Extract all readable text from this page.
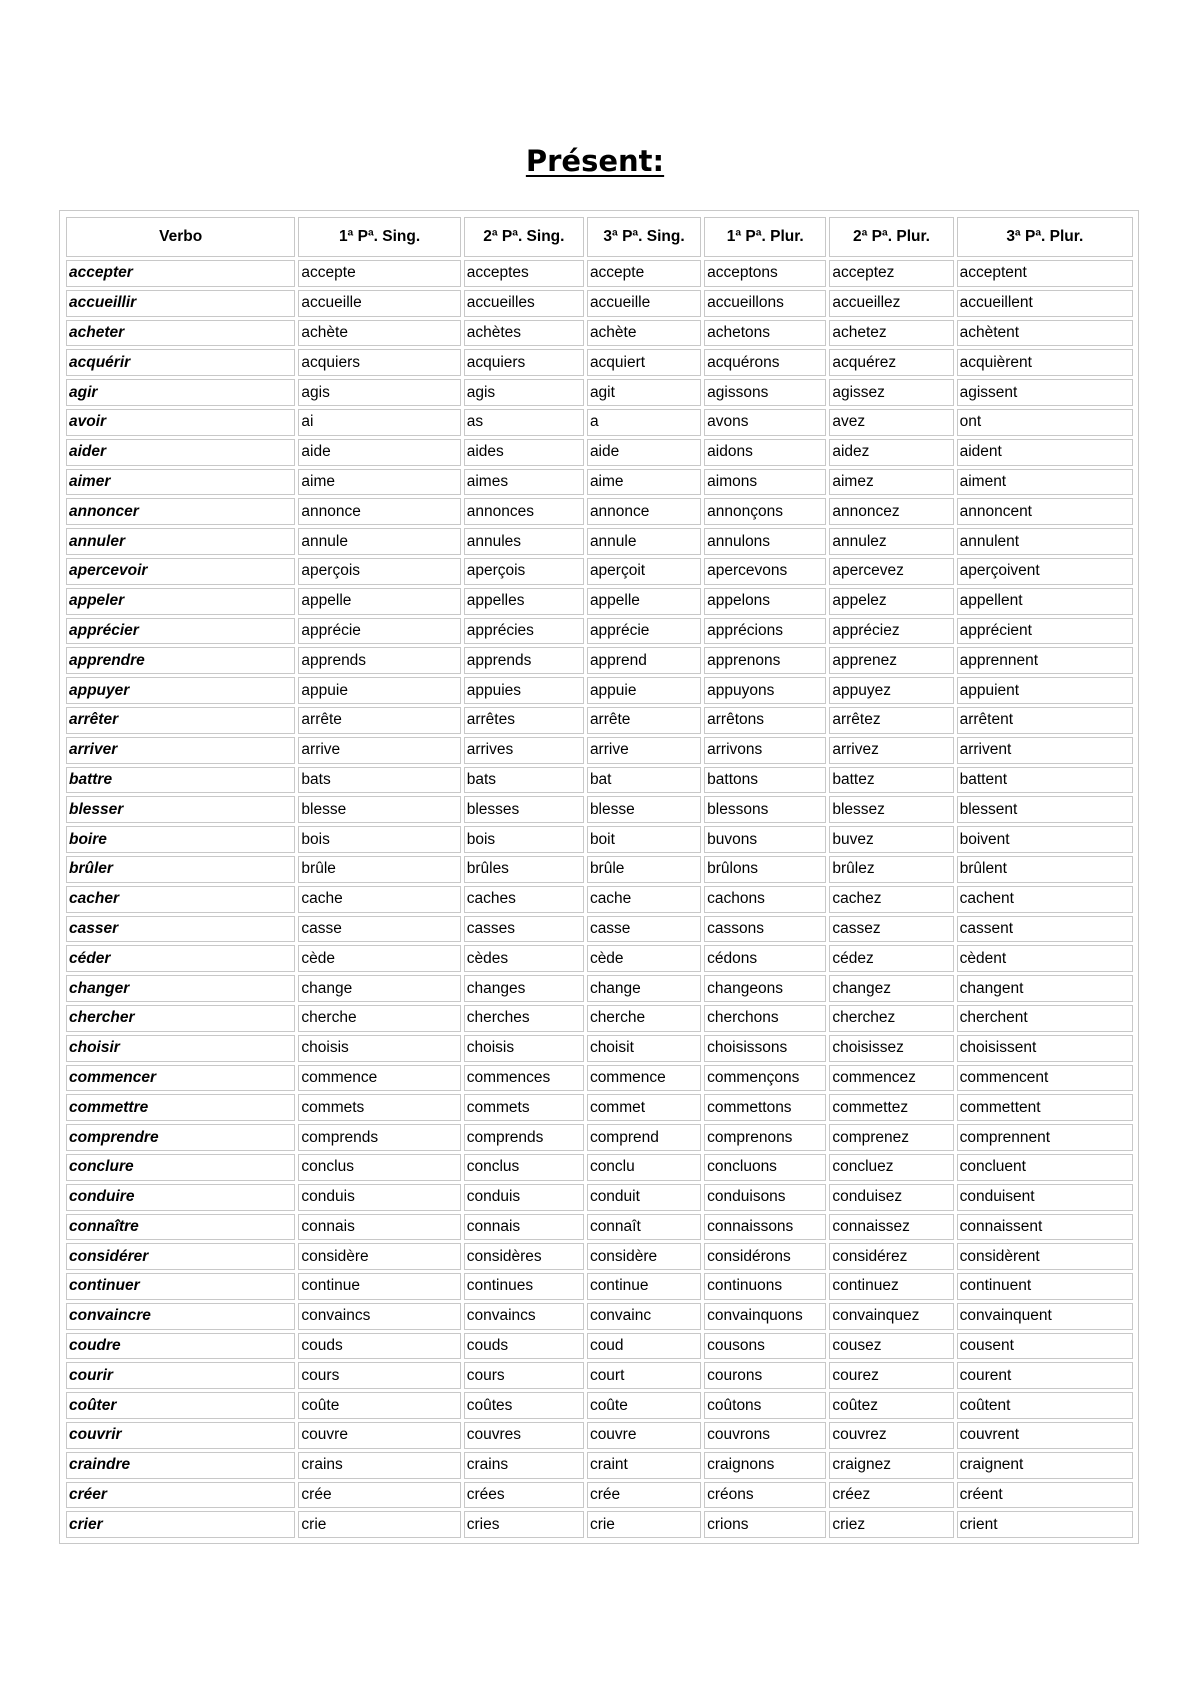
Présent:
Verbo	1ª Pª. Sing.	2ª Pª. Sing.	3ª Pª. Sing.	1ª Pª. Plur.	2ª Pª. Plur.	3ª Pª. Plur.
accepter	accepte	acceptes	accepte	acceptons	acceptez	acceptent
accueillir	accueille	accueilles	accueille	accueillons	accueillez	accueillent
acheter	achète	achètes	achète	achetons	achetez	achètent
acquérir	acquiers	acquiers	acquiert	acquérons	acquérez	acquièrent
agir	agis	agis	agit	agissons	agissez	agissent
avoir	ai	as	a	avons	avez	ont
aider	aide	aides	aide	aidons	aidez	aident
aimer	aime	aimes	aime	aimons	aimez	aiment
annoncer	annonce	annonces	annonce	annonçons	annoncez	annoncent
annuler	annule	annules	annule	annulons	annulez	annulent
apercevoir	aperçois	aperçois	aperçoit	apercevons	apercevez	aperçoivent
appeler	appelle	appelles	appelle	appelons	appelez	appellent
apprécier	apprécie	apprécies	apprécie	apprécions	appréciez	apprécient
apprendre	apprends	apprends	apprend	apprenons	apprenez	apprennent
appuyer	appuie	appuies	appuie	appuyons	appuyez	appuient
arrêter	arrête	arrêtes	arrête	arrêtons	arrêtez	arrêtent
arriver	arrive	arrives	arrive	arrivons	arrivez	arrivent
battre	bats	bats	bat	battons	battez	battent
blesser	blesse	blesses	blesse	blessons	blessez	blessent
boire	bois	bois	boit	buvons	buvez	boivent
brûler	brûle	brûles	brûle	brûlons	brûlez	brûlent
cacher	cache	caches	cache	cachons	cachez	cachent
casser	casse	casses	casse	cassons	cassez	cassent
céder	cède	cèdes	cède	cédons	cédez	cèdent
changer	change	changes	change	changeons	changez	changent
chercher	cherche	cherches	cherche	cherchons	cherchez	cherchent
choisir	choisis	choisis	choisit	choisissons	choisissez	choisissent
commencer	commence	commences	commence	commençons	commencez	commencent
commettre	commets	commets	commet	commettons	commettez	commettent
comprendre	comprends	comprends	comprend	comprenons	comprenez	comprennent
conclure	conclus	conclus	conclu	concluons	concluez	concluent
conduire	conduis	conduis	conduit	conduisons	conduisez	conduisent
connaître	connais	connais	connaît	connaissons	connaissez	connaissent
considérer	considère	considères	considère	considérons	considérez	considèrent
continuer	continue	continues	continue	continuons	continuez	continuent
convaincre	convaincs	convaincs	convainc	convainquons	convainquez	convainquent
coudre	couds	couds	coud	cousons	cousez	cousent
courir	cours	cours	court	courons	courez	courent
coûter	coûte	coûtes	coûte	coûtons	coûtez	coûtent
couvrir	couvre	couvres	couvre	couvrons	couvrez	couvrent
craindre	crains	crains	craint	craignons	craignez	craignent
créer	crée	crées	crée	créons	créez	créent
crier	crie	cries	crie	crions	criez	crient
